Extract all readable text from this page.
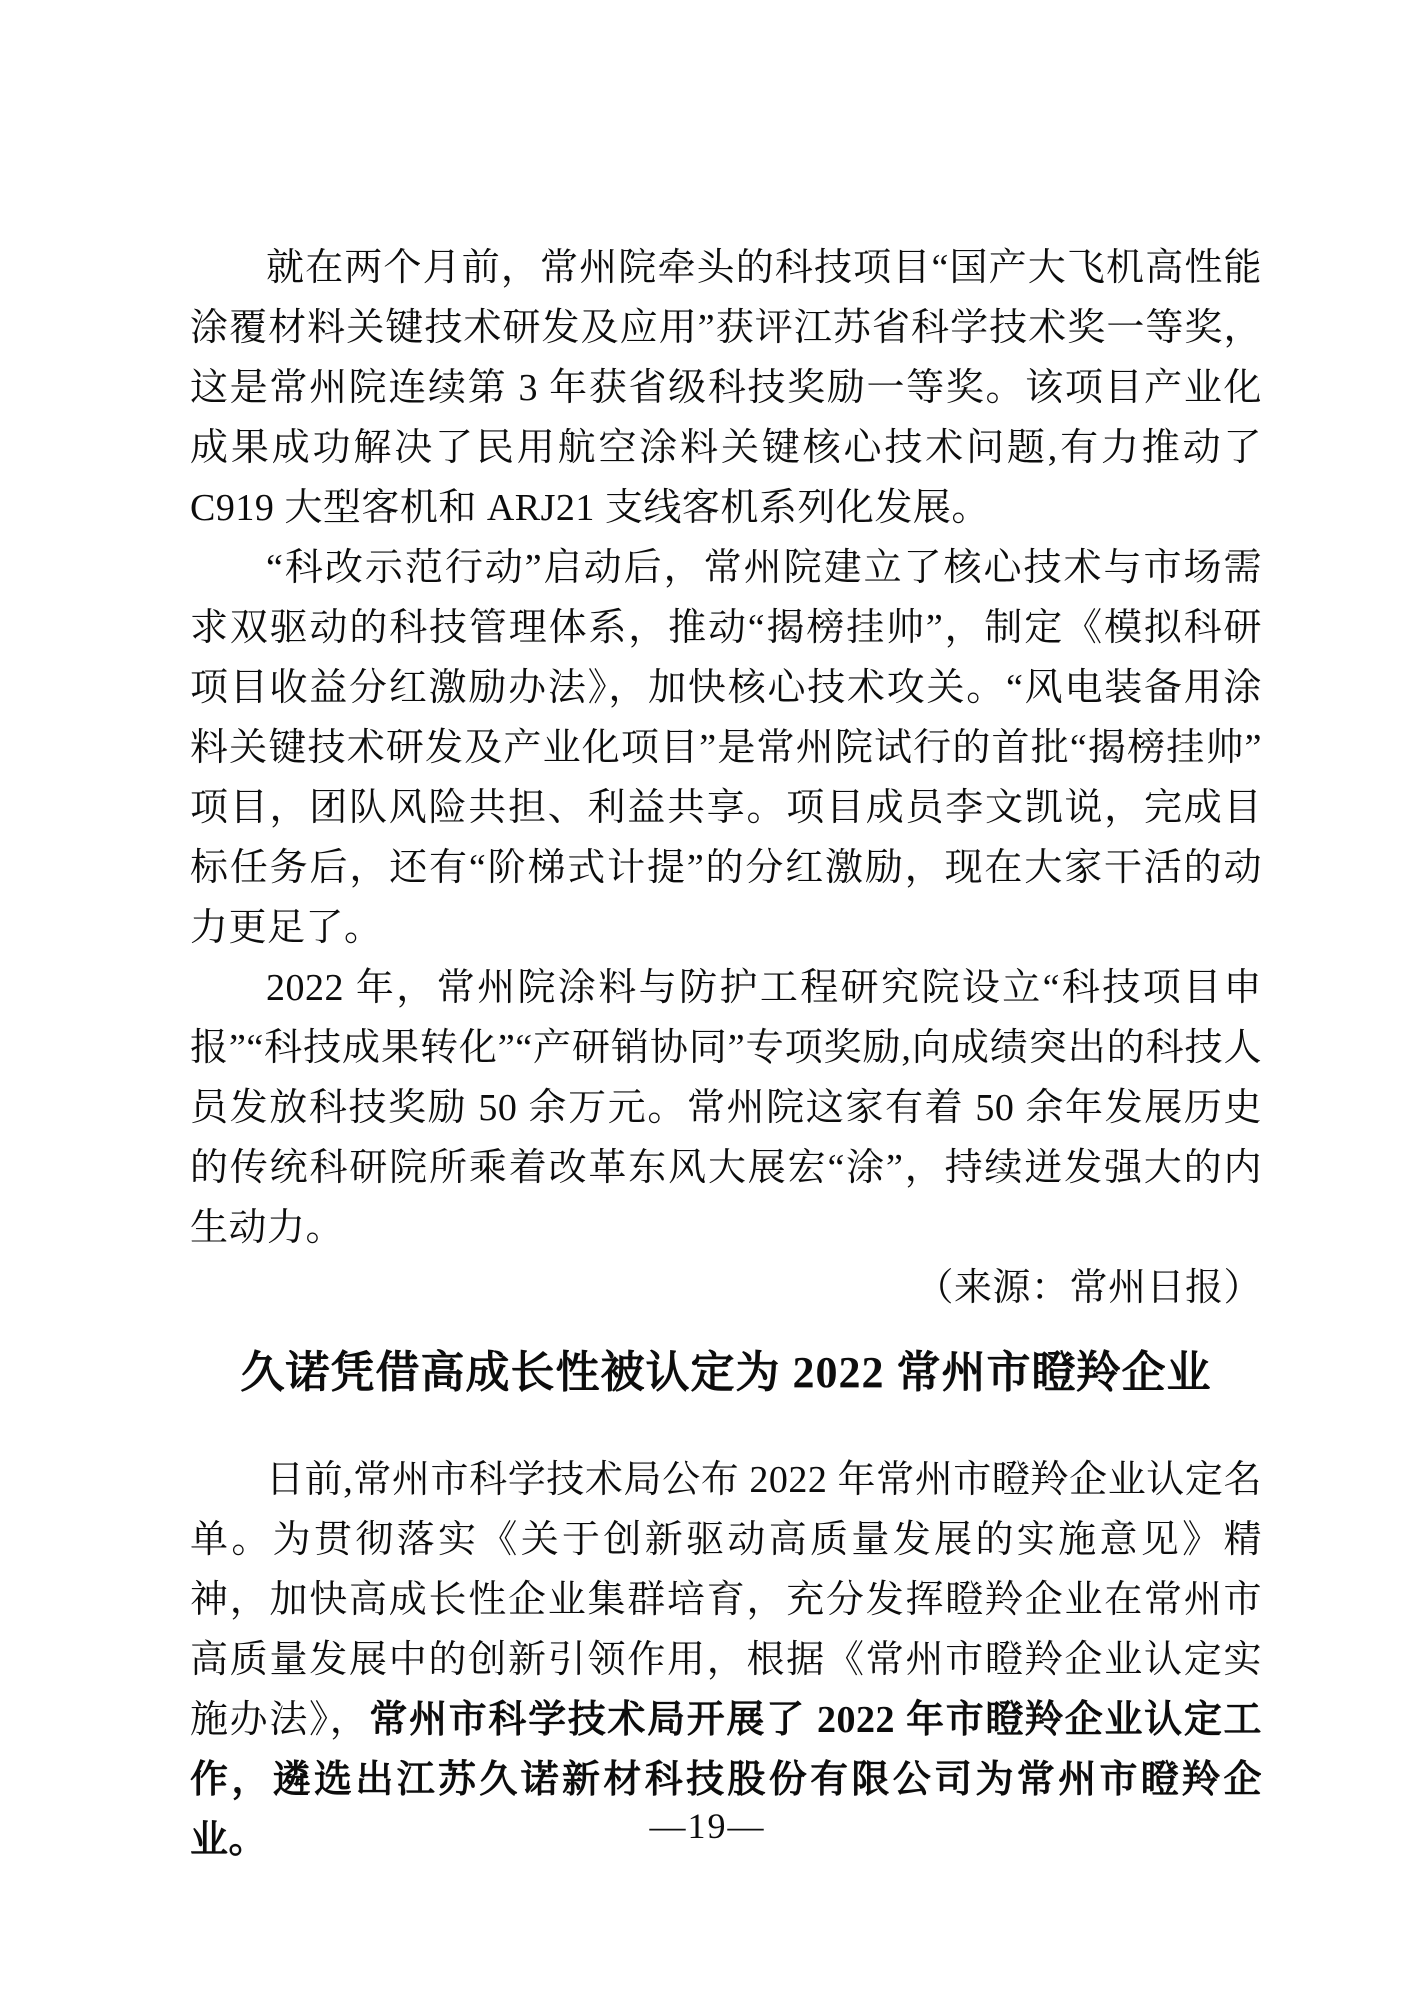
就在两个月前，常州院牵头的科技项目“国产大飞机高性能涂覆材料关键技术研发及应用”获评江苏省科学技术奖一等奖，这是常州院连续第 3 年获省级科技奖励一等奖。该项目产业化成果成功解决了民用航空涂料关键核心技术问题,有力推动了 C919 大型客机和 ARJ21 支线客机系列化发展。

“科改示范行动”启动后，常州院建立了核心技术与市场需求双驱动的科技管理体系，推动“揭榜挂帅”，制定《模拟科研项目收益分红激励办法》，加快核心技术攻关。“风电装备用涂料关键技术研发及产业化项目”是常州院试行的首批“揭榜挂帅”项目，团队风险共担、利益共享。项目成员李文凯说，完成目标任务后，还有“阶梯式计提”的分红激励，现在大家干活的动力更足了。

2022 年，常州院涂料与防护工程研究院设立“科技项目申报”“科技成果转化”“产研销协同”专项奖励,向成绩突出的科技人员发放科技奖励 50 余万元。常州院这家有着 50 余年发展历史的传统科研院所乘着改革东风大展宏“涂”，持续迸发强大的内生动力。

（来源：常州日报）

久诺凭借高成长性被认定为 2022 常州市瞪羚企业

日前,常州市科学技术局公布 2022 年常州市瞪羚企业认定名单。为贯彻落实《关于创新驱动高质量发展的实施意见》精神，加快高成长性企业集群培育，充分发挥瞪羚企业在常州市高质量发展中的创新引领作用，根据《常州市瞪羚企业认定实施办法》，常州市科学技术局开展了 2022 年市瞪羚企业认定工作，遴选出江苏久诺新材科技股份有限公司为常州市瞪羚企业。	—19—
